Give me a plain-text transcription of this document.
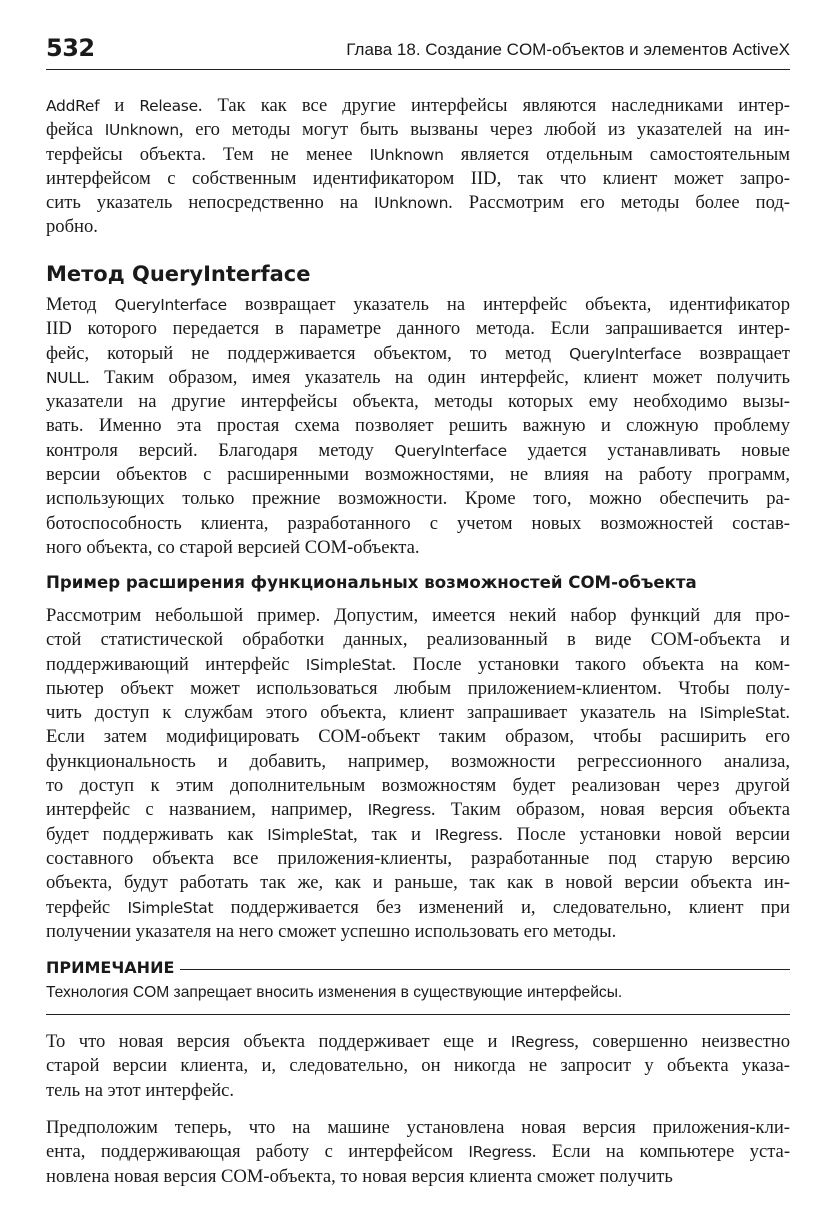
532	Глава 18. Создание COM-объектов и элементов ActiveX

AddRef и Release. Так как все другие интерфейсы являются наследниками интер-
фейса IUnknown, его методы могут быть вызваны через любой из указателей на ин-
терфейсы объекта. Тем не менее IUnknown является отдельным самостоятельным
интерфейсом с собственным идентификатором IID, так что клиент может запро-
сить указатель непосредственно на IUnknown. Рассмотрим его методы более под-
робно.

Метод QueryInterface

Метод QueryInterface возвращает указатель на интерфейс объекта, идентификатор
IID которого передается в параметре данного метода. Если запрашивается интер-
фейс, который не поддерживается объектом, то метод QueryInterface возвращает
NULL. Таким образом, имея указатель на один интерфейс, клиент может получить
указатели на другие интерфейсы объекта, методы которых ему необходимо вызы-
вать. Именно эта простая схема позволяет решить важную и сложную проблему
контроля версий. Благодаря методу QueryInterface удается устанавливать новые
версии объектов с расширенными возможностями, не влияя на работу программ,
использующих только прежние возможности. Кроме того, можно обеспечить ра-
ботоспособность клиента, разработанного с учетом новых возможностей состав-
ного объекта, со старой версией COM-объекта.

Пример расширения функциональных возможностей COM-объекта

Рассмотрим небольшой пример. Допустим, имеется некий набор функций для про-
стой статистической обработки данных, реализованный в виде COM-объекта и
поддерживающий интерфейс ISimpleStat. После установки такого объекта на ком-
пьютер объект может использоваться любым приложением-клиентом. Чтобы полу-
чить доступ к службам этого объекта, клиент запрашивает указатель на ISimpleStat.
Если затем модифицировать COM-объект таким образом, чтобы расширить его
функциональность и добавить, например, возможности регрессионного анализа,
то доступ к этим дополнительным возможностям будет реализован через другой
интерфейс с названием, например, IRegress. Таким образом, новая версия объекта
будет поддерживать как ISimpleStat, так и IRegress. После установки новой версии
составного объекта все приложения-клиенты, разработанные под старую версию
объекта, будут работать так же, как и раньше, так как в новой версии объекта ин-
терфейс ISimpleStat поддерживается без изменений и, следовательно, клиент при
получении указателя на него сможет успешно использовать его методы.

ПРИМЕЧАНИЕ
Технология COM запрещает вносить изменения в существующие интерфейсы.

То что новая версия объекта поддерживает еще и IRegress, совершенно неизвестно
старой версии клиента, и, следовательно, он никогда не запросит у объекта указа-
тель на этот интерфейс.

Предположим теперь, что на машине установлена новая версия приложения-кли-
ента, поддерживающая работу с интерфейсом IRegress. Если на компьютере уста-
новлена новая версия COM-объекта, то новая версия клиента сможет получить
